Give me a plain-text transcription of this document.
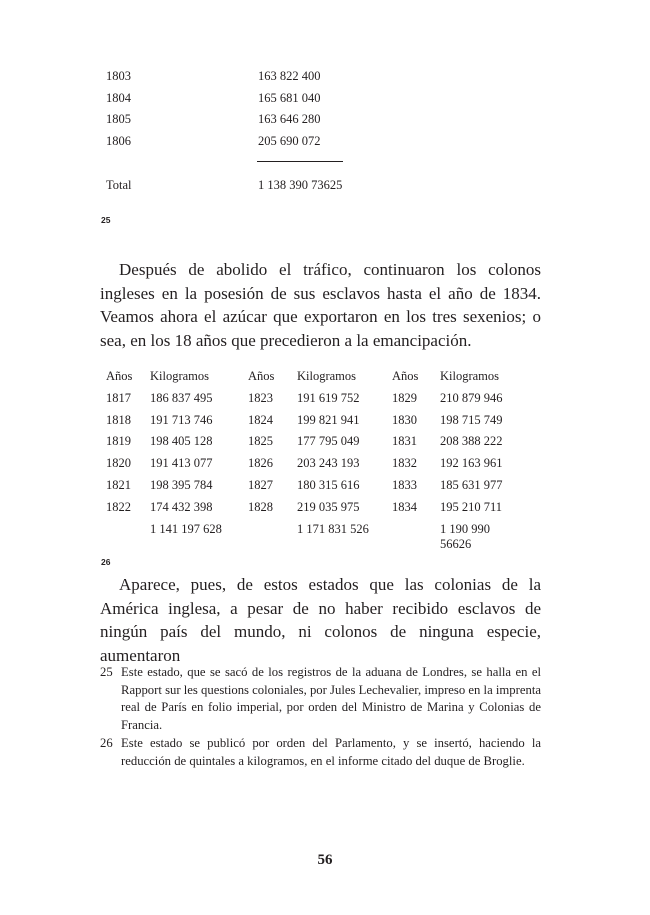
1803	163 822 400
1804	165 681 040
1805	163 646 280
1806	205 690 072
Total	1 138 390 73625
25

Después de abolido el tráfico, continuaron los colonos ingleses en la posesión de sus esclavos hasta el año de 1834. Veamos ahora el azúcar que exportaron en los tres sexenios; o sea, en los 18 años que precedieron a la emancipación.

Años Kilogramos	Años Kilogramos	Años Kilogramos
1817 186 837 495	1823 191 619 752	1829 210 879 946
1818 191 713 746	1824 199 821 941	1830 198 715 749
1819 198 405 128	1825 177 795 049	1831 208 388 222
1820 191 413 077	1826 203 243 193	1832 192 163 961
1821 198 395 784	1827 180 315 616	1833 185 631 977
1822 174 432 398	1828 219 035 975	1834 195 210 711
1 141 197 628	1 171 831 526	1 190 990 56626
26

Aparece, pues, de estos estados que las colonias de la América inglesa, a pesar de no haber recibido esclavos de ningún país del mundo, ni colonos de ninguna especie, aumentaron

25 Este estado, que se sacó de los registros de la aduana de Londres, se halla en el Rapport sur les questions coloniales, por Jules Lechevalier, impreso en la imprenta real de París en folio imperial, por orden del Ministro de Marina y Colonias de Francia.
26 Este estado se publicó por orden del Parlamento, y se insertó, haciendo la reducción de quintales a kilogramos, en el informe citado del duque de Broglie.
56
